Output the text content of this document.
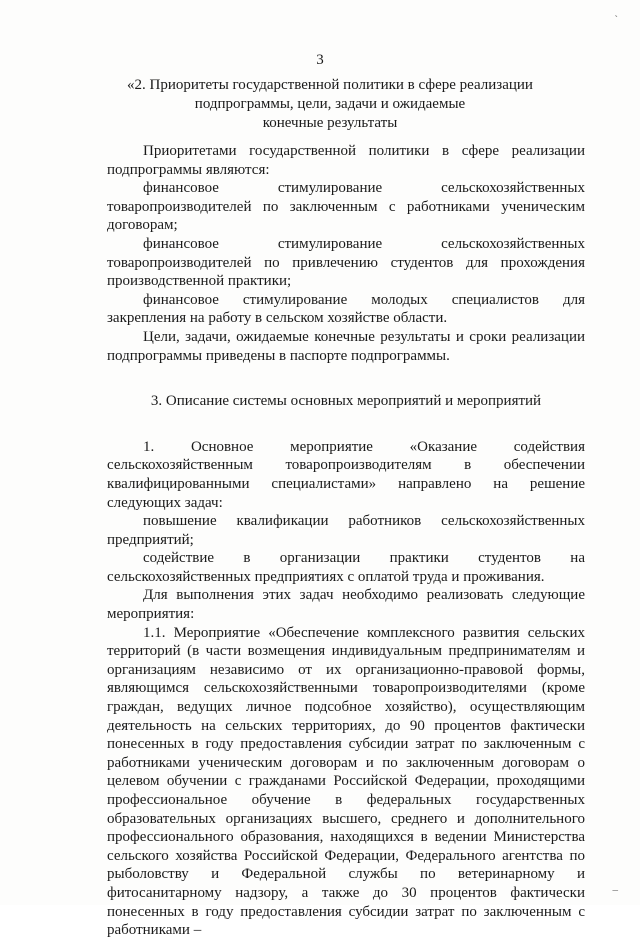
3
«2. Приоритеты государственной политики в сфере реализации
подпрограммы, цели, задачи и ожидаемые
конечные результаты

Приоритетами государственной политики в сфере реализации подпрограммы являются:

финансовое стимулирование сельскохозяйственных товаропроизводителей по заключенным с работниками ученическим договорам;

финансовое стимулирование сельскохозяйственных товаропроизводителей по привлечению студентов для прохождения производственной практики;

финансовое стимулирование молодых специалистов для закрепления на работу в сельском хозяйстве области.

Цели, задачи, ожидаемые конечные результаты и сроки реализации подпрограммы приведены в паспорте подпрограммы.

3. Описание системы основных мероприятий и мероприятий

1. Основное мероприятие «Оказание содействия сельскохозяйственным товаропроизводителям в обеспечении квалифицированными специалистами» направлено на решение следующих задач:

повышение квалификации работников сельскохозяйственных предприятий;

содействие в организации практики студентов на сельскохозяйственных предприятиях с оплатой труда и проживания.

Для выполнения этих задач необходимо реализовать следующие мероприятия:

1.1. Мероприятие «Обеспечение комплексного развития сельских территорий (в части возмещения индивидуальным предпринимателям и организациям независимо от их организационно-правовой формы, являющимся сельскохозяйственными товаропроизводителями (кроме граждан, ведущих личное подсобное хозяйство), осуществляющим деятельность на сельских территориях, до 90 процентов фактически понесенных в году предоставления субсидии затрат по заключенным с работниками ученическим договорам и по заключенным договорам о целевом обучении с гражданами Российской Федерации, проходящими профессиональное обучение в федеральных государственных образовательных организациях высшего, среднего и дополнительного профессионального образования, находящихся в ведении Министерства сельского хозяйства Российской Федерации, Федерального агентства по рыболовству и Федеральной службы по ветеринарному и фитосанитарному надзору, а также до 30 процентов фактически понесенных в году предоставления субсидии затрат по заключенным с работниками –

`
–
